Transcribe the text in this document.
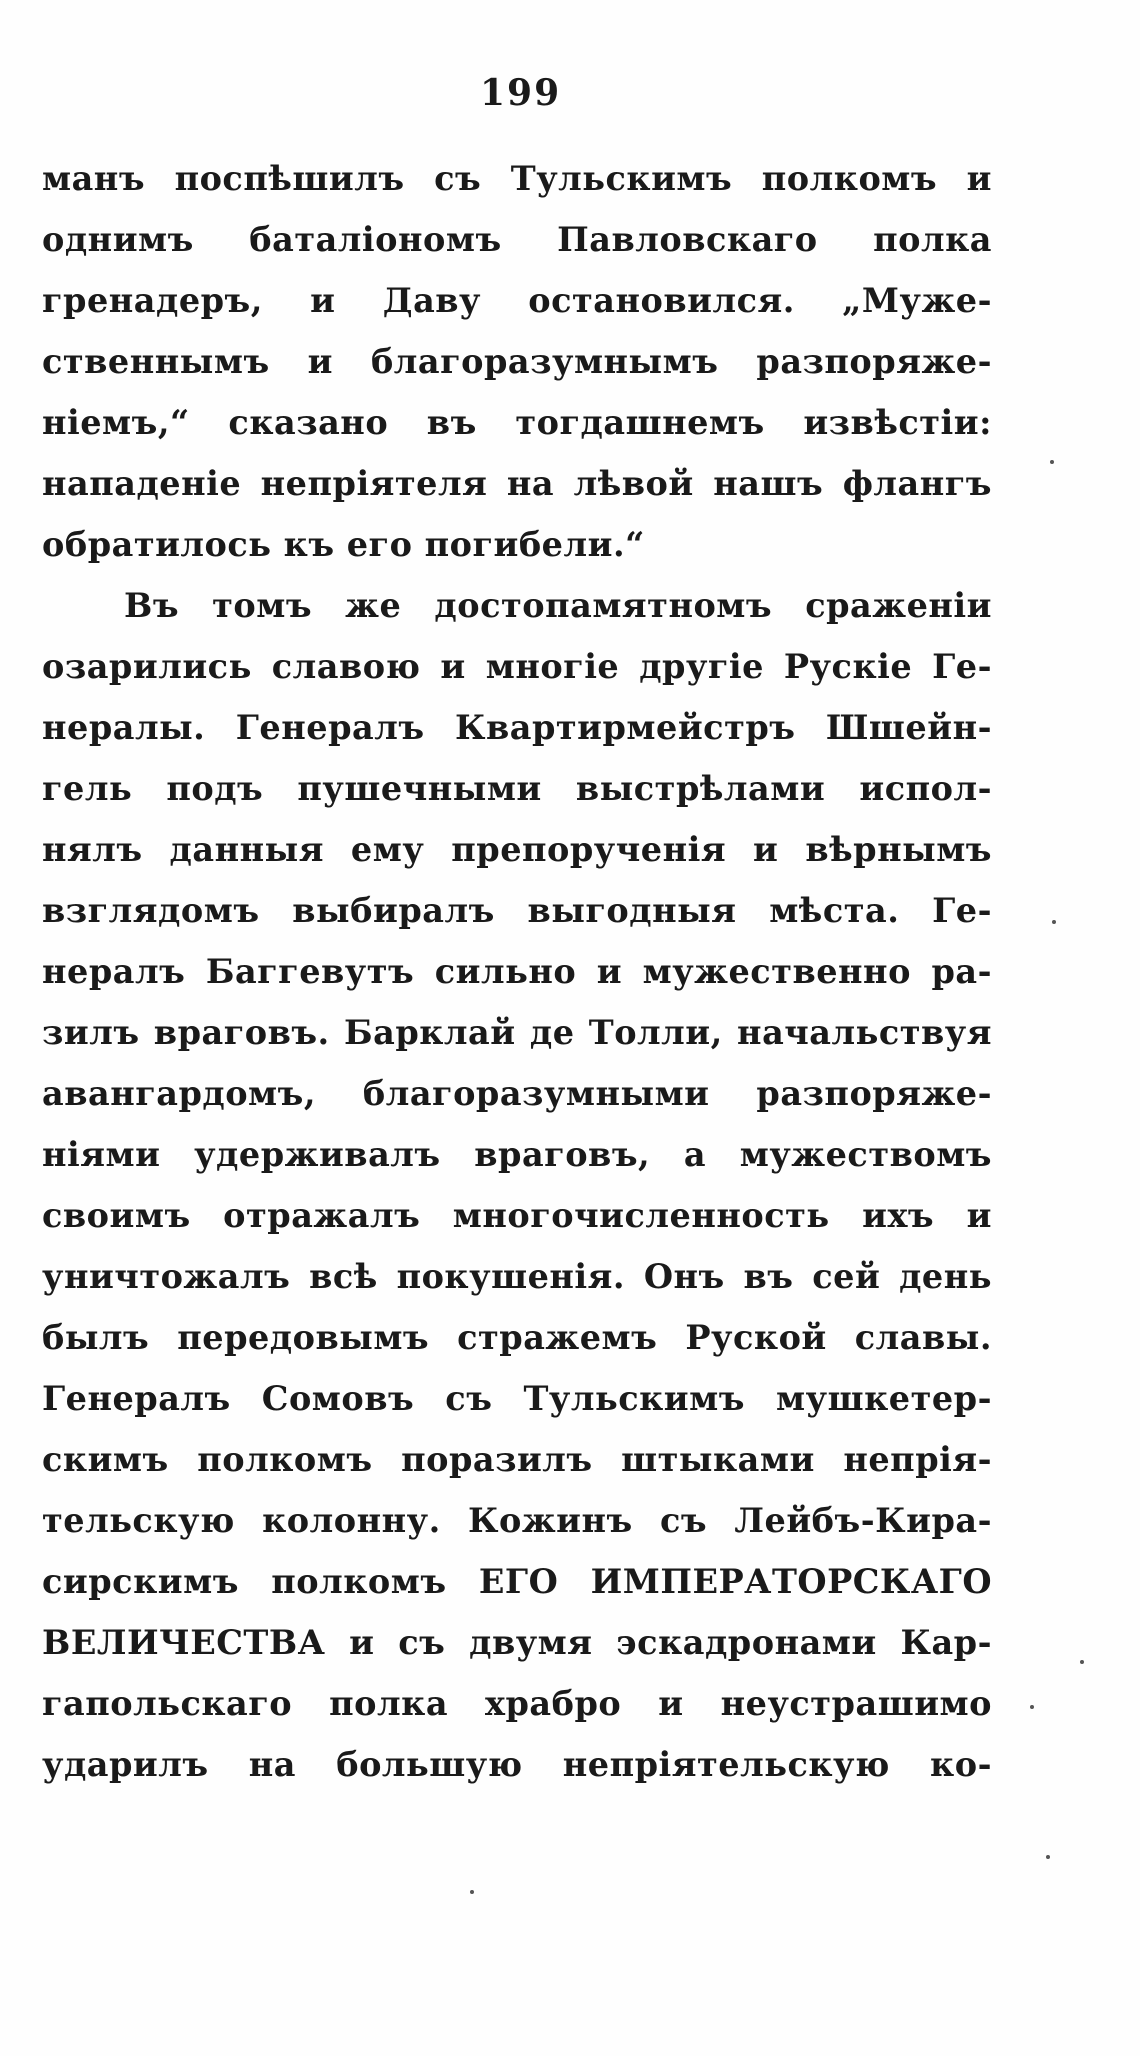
199
манъ поспѣшилъ съ Тульскимъ полкомъ и
однимъ баталіономъ Павловскаго полка
гренадеръ, и Даву остановился. „Муже-
ственнымъ и благоразумнымъ разпоряже-
ніемъ,“ сказано въ тогдашнемъ извѣстіи:
нападеніе непріятеля на лѣвой нашъ флангъ
обратилось къ его погибели.“
Въ томъ же достопамятномъ сраженіи
озарились славою и многіе другіе Рускіе Ге-
нералы. Генералъ Квартирмейстръ Шшейн-
гель подъ пушечными выстрѣлами испол-
нялъ данныя ему препорученія и вѣрнымъ
взглядомъ выбиралъ выгодныя мѣста. Ге-
нералъ Баггевутъ сильно и мужественно ра-
зилъ враговъ. Барклай де Толли, начальствуя
авангардомъ, благоразумными разпоряже-
ніями удерживалъ враговъ, а мужествомъ
своимъ отражалъ многочисленность ихъ и
уничтожалъ всѣ покушенія. Онъ въ сей день
былъ передовымъ стражемъ Руской славы.
Генералъ Сомовъ съ Тульскимъ мушкетер-
скимъ полкомъ поразилъ штыками непрія-
тельскую колонну. Кожинъ съ Лейбъ-Кира-
сирскимъ полкомъ ЕГО ИМПЕРАТОРСКАГО
ВЕЛИЧЕСТВА и съ двумя эскадронами Кар-
гапольскаго полка храбро и неустрашимо
ударилъ на большую непріятельскую ко-
